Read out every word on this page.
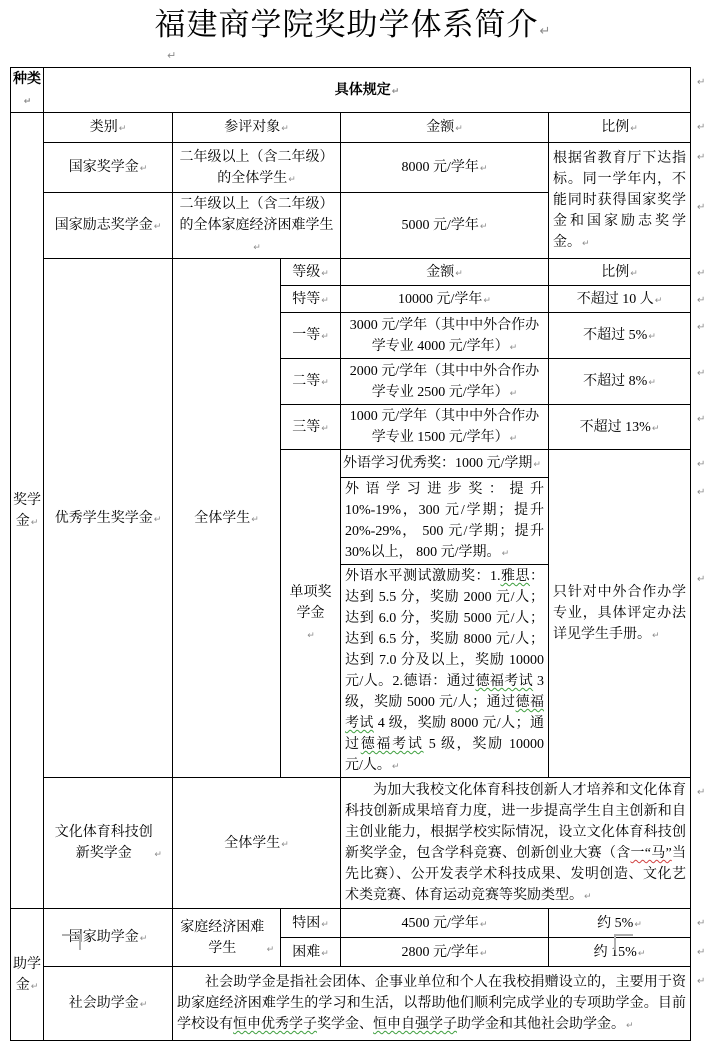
福建商学院奖助学体系简介↵
↵
种类↵	具体规定↵				
奖学金↵	类别↵	参评对象↵		金额↵	比例↵
	国家奖学金↵	二年级以上（含二年级）的全体学生↵		8000 元/学年↵	根据省教育厅下达指标。同一学年内，不能同时获得国家奖学金和国家励志奖学金。↵
	国家励志奖学金↵	二年级以上（含二年级）的全体家庭经济困难学生↵		5000 元/学年↵	
	优秀学生奖学金↵	全体学生↵	等级↵	金额↵	比例↵
			特等↵	10000 元/学年↵	不超过 10 人↵
			一等↵	3000 元/学年（其中中外合作办学专业 4000 元/学年）↵	不超过 5%↵
			二等↵	2000 元/学年（其中中外合作办学专业 2500 元/学年）↵	不超过 8%↵
			三等↵	1000 元/学年（其中中外合作办学专业 1500 元/学年）↵	不超过 13%↵
			单项奖学金↵	外语学习优秀奖：1000 元/学期↵	只针对中外合作办学专业，具体评定办法详见学生手册。↵
				外语学习进步奖：提升 10%-19%，300 元/学期；提升 20%-29%， 500 元/学期；提升 30%以上， 800 元/学期。↵	
				外语水平测试激励奖：1.雅思：达到 5.5 分，奖励 2000 元/人；达到 6.0 分，奖励 5000 元/人；达到 6.5 分，奖励 8000 元/人；达到 7.0 分及以上，奖励 10000 元/人。2.德语：通过德福考试 3 级，奖励 5000 元/人；通过德福考试 4 级，奖励 8000 元/人；通过德福考试 5 级，奖励 10000 元/人。↵	
	文化体育科技创新奖学金 ↵	全体学生↵		为加大我校文化体育科技创新人才培养和文化体育科技创新成果培育力度，进一步提高学生自主创新和自主创业能力，根据学校实际情况，设立文化体育科技创新奖学金，包含学科竞赛、创新创业大赛（含一“马”当先比赛）、公开发表学术科技成果、发明创造、文化艺术类竞赛、体育运动竞赛等奖励类型。↵	
助学金↵	国家助学金↵	家庭经济困难学生 ↵	特困↵	4500 元/学年↵	约 5%↵
			困难↵	2800 元/学年↵	约 15%↵
	社会助学金↵	社会助学金是指社会团体、企事业单位和个人在我校捐赠设立的，主要用于资助家庭经济困难学生的学习和生活，以帮助他们顺利完成学业的专项助学金。目前学校设有恒申优秀学子奖学金、恒申自强学子助学金和其他社会助学金。↵			
↵
↵
↵
↵
↵
↵
↵
↵
↵
↵
↵
↵
↵
↵
↵
↵
